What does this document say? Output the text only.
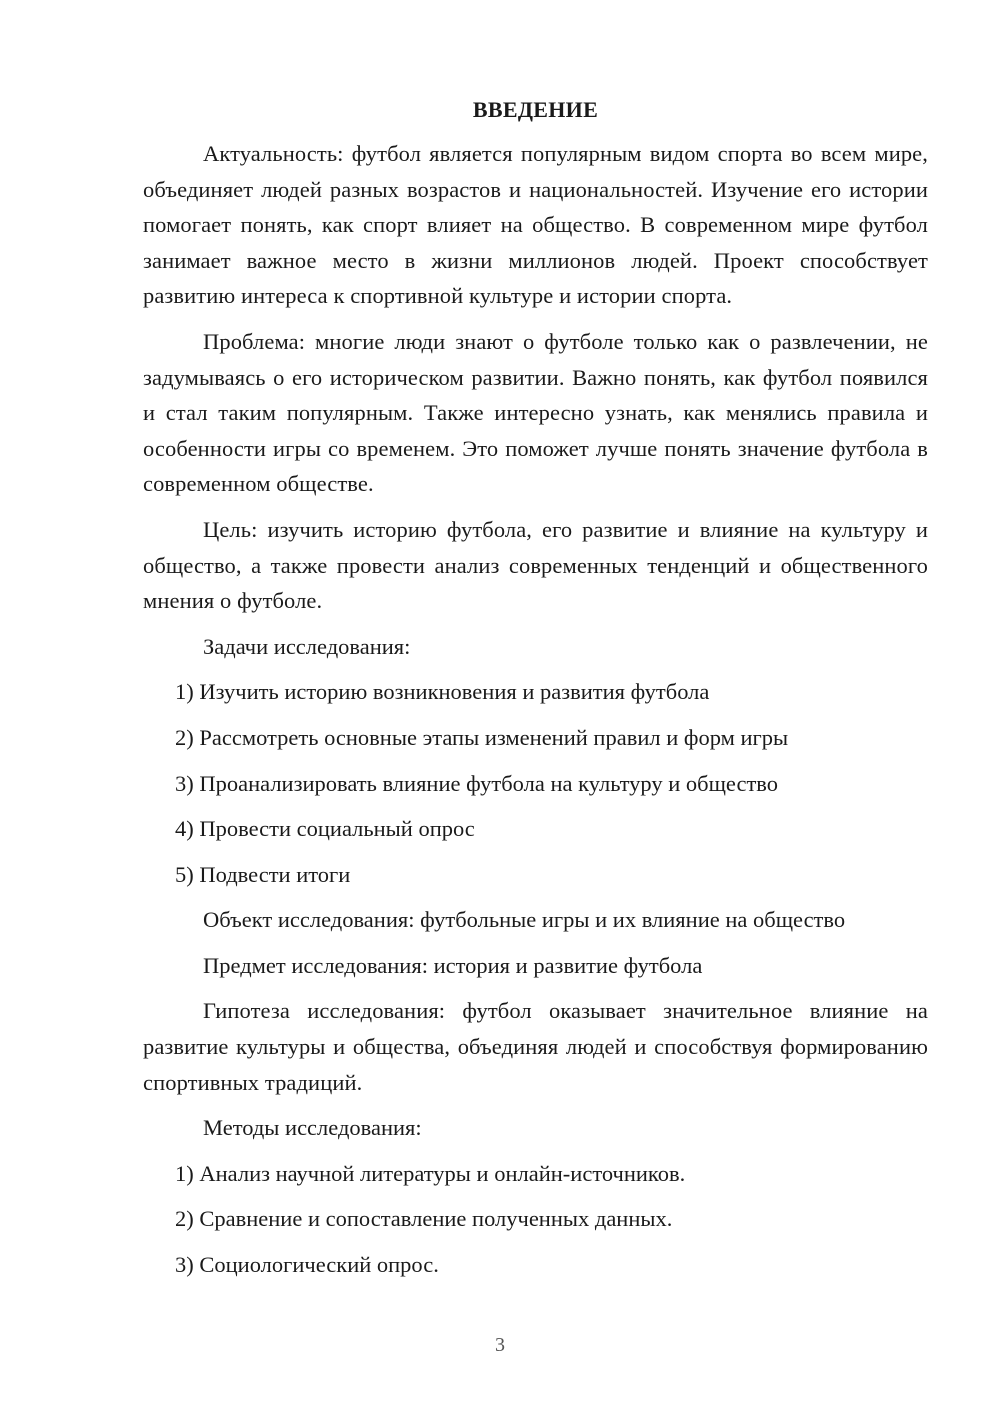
ВВЕДЕНИЕ

Актуальность: футбол является популярным видом спорта во всем мире, объединяет людей разных возрастов и национальностей. Изучение его истории помогает понять, как спорт влияет на общество. В современном мире футбол занимает важное место в жизни миллионов людей. Проект способствует развитию интереса к спортивной культуре и истории спорта.

Проблема: многие люди знают о футболе только как о развлечении, не задумываясь о его историческом развитии. Важно понять, как футбол появился и стал таким популярным. Также интересно узнать, как менялись правила и особенности игры со временем. Это поможет лучше понять значение футбола в современном обществе.

Цель: изучить историю футбола, его развитие и влияние на культуру и общество, а также провести анализ современных тенденций и общественного мнения о футболе.

Задачи исследования:

1) Изучить историю возникновения и развития футбола
2) Рассмотреть основные этапы изменений правил и форм игры
3) Проанализировать влияние футбола на культуру и общество
4) Провести социальный опрос
5) Подвести итоги

Объект исследования: футбольные игры и их влияние на общество

Предмет исследования: история и развитие футбола

Гипотеза исследования: футбол оказывает значительное влияние на развитие культуры и общества, объединяя людей и способствуя формированию спортивных традиций.

Методы исследования:

1) Анализ научной литературы и онлайн-источников.
2) Сравнение и сопоставление полученных данных.
3) Социологический опрос.
3
